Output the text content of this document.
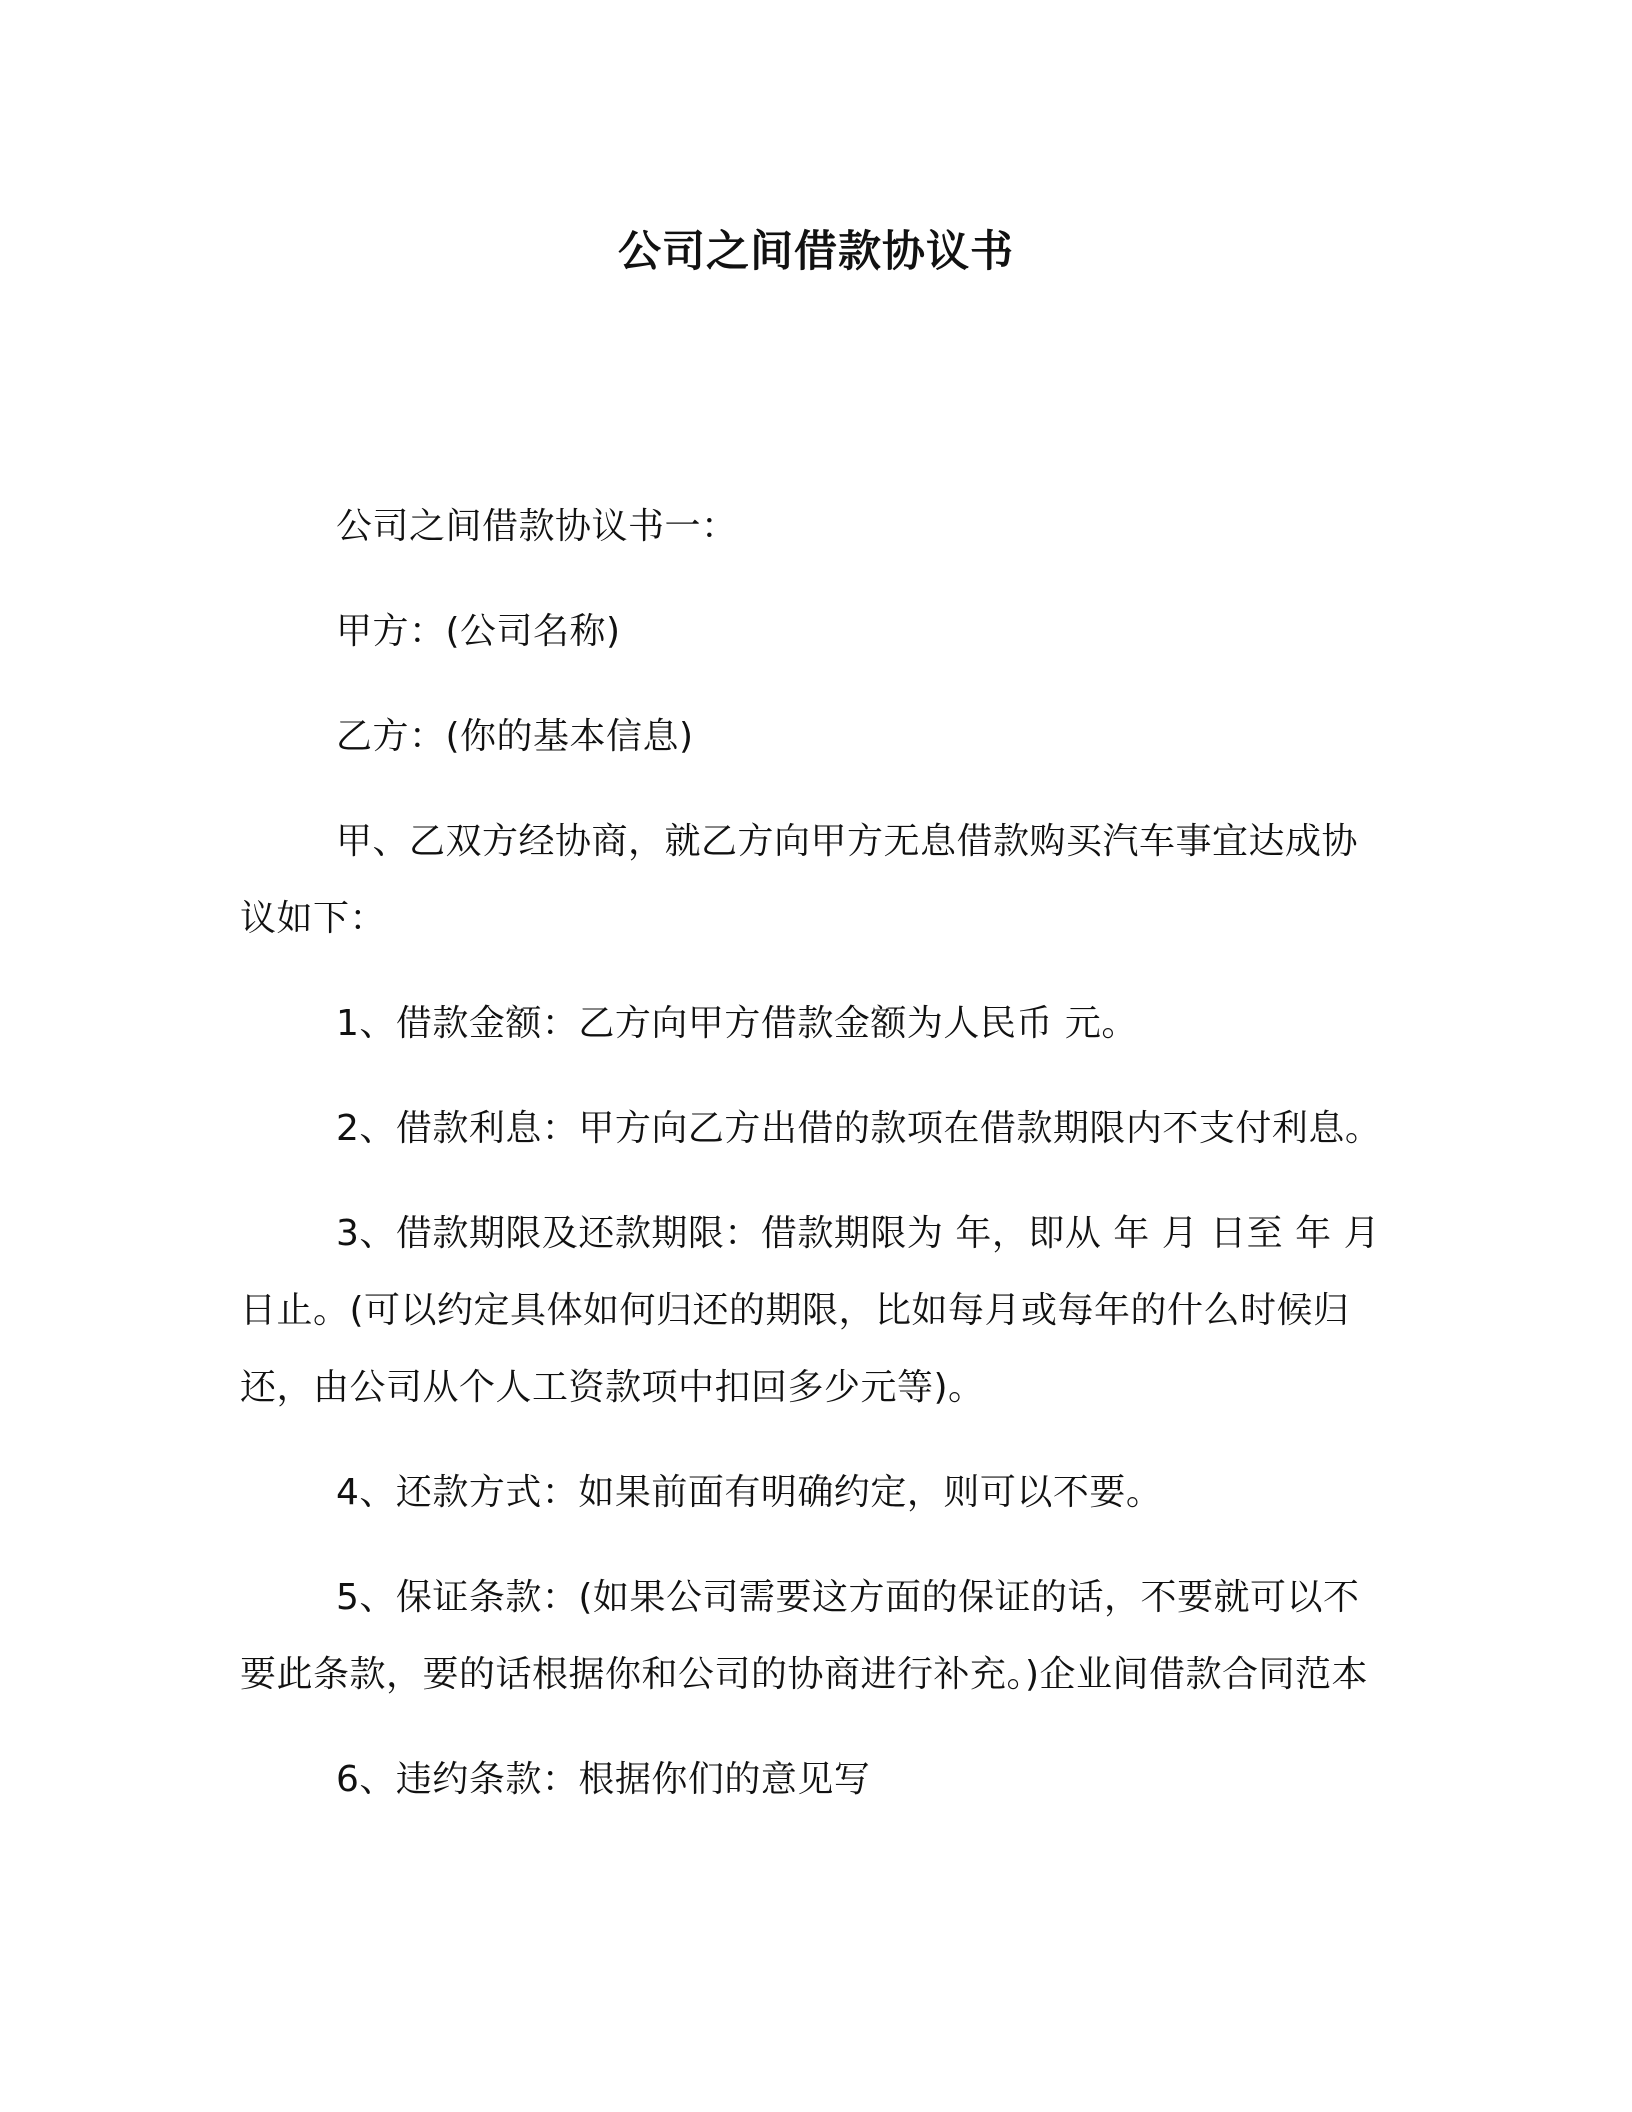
公司之间借款协议书

公司之间借款协议书一：

甲方：(公司名称)

乙方：(你的基本信息)

甲、乙双方经协商，就乙方向甲方无息借款购买汽车事宜达成协议如下：

1、借款金额：乙方向甲方借款金额为人民币 元。

2、借款利息：甲方向乙方出借的款项在借款期限内不支付利息。

3、借款期限及还款期限：借款期限为 年，即从 年 月 日至 年 月 日止。(可以约定具体如何归还的期限，比如每月或每年的什么时候归还，由公司从个人工资款项中扣回多少元等)。

4、还款方式：如果前面有明确约定，则可以不要。

5、保证条款：(如果公司需要这方面的保证的话，不要就可以不要此条款，要的话根据你和公司的协商进行补充。)企业间借款合同范本

6、违约条款：根据你们的意见写
